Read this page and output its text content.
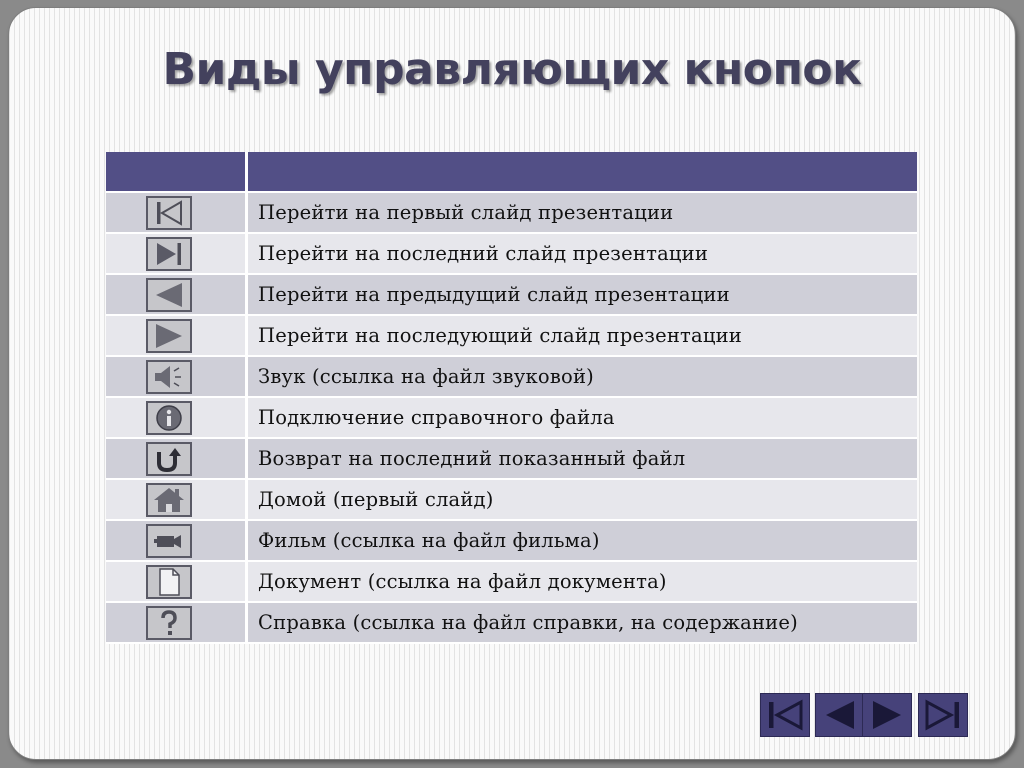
Виды управляющих кнопок

	Перейти на первый слайд презентации

	Перейти на последний слайд презентации

	Перейти на предыдущий слайд презентации

	Перейти на последующий слайд презентации

	Звук (ссылка на файл звуковой)

	Подключение справочного файла

	Возврат на последний показанный файл

	Домой (первый слайд)

	Фильм (ссылка на файл фильма)

	Документ (ссылка на файл документа)

	Справка (ссылка на файл справки, на содержание)
